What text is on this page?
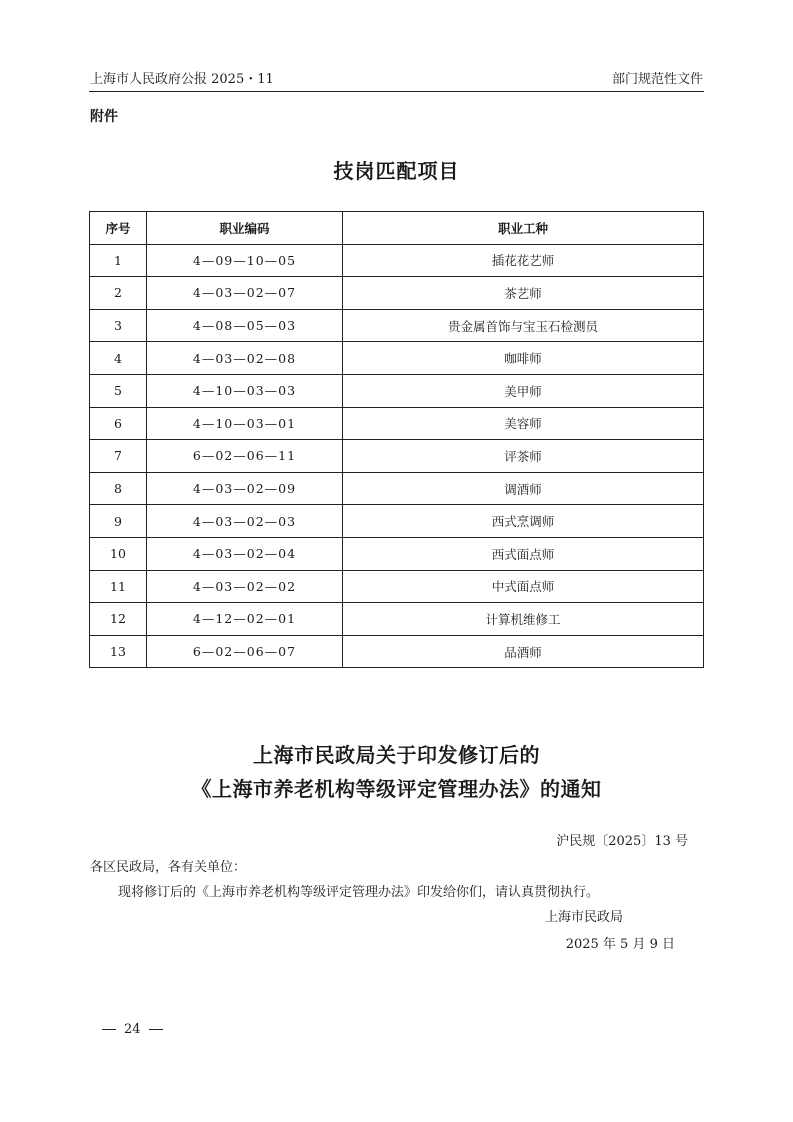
上海市人民政府公报 2025・11	部门规范性文件
附件
技岗匹配项目
序号	职业编码	职业工种
1	4—09—10—05	插花花艺师
2	4—03—02—07	茶艺师
3	4—08—05—03	贵金属首饰与宝玉石检测员
4	4—03—02—08	咖啡师
5	4—10—03—03	美甲师
6	4—10—03—01	美容师
7	6—02—06—11	评茶师
8	4—03—02—09	调酒师
9	4—03—02—03	西式烹调师
10	4—03—02—04	西式面点师
11	4—03—02—02	中式面点师
12	4—12—02—01	计算机维修工
13	6—02—06—07	品酒师
上海市民政局关于印发修订后的
《上海市养老机构等级评定管理办法》的通知
沪民规〔2025〕13 号
各区民政局，各有关单位：
现将修订后的《上海市养老机构等级评定管理办法》印发给你们，请认真贯彻执行。
上海市民政局
2025 年 5 月 9 日
24
